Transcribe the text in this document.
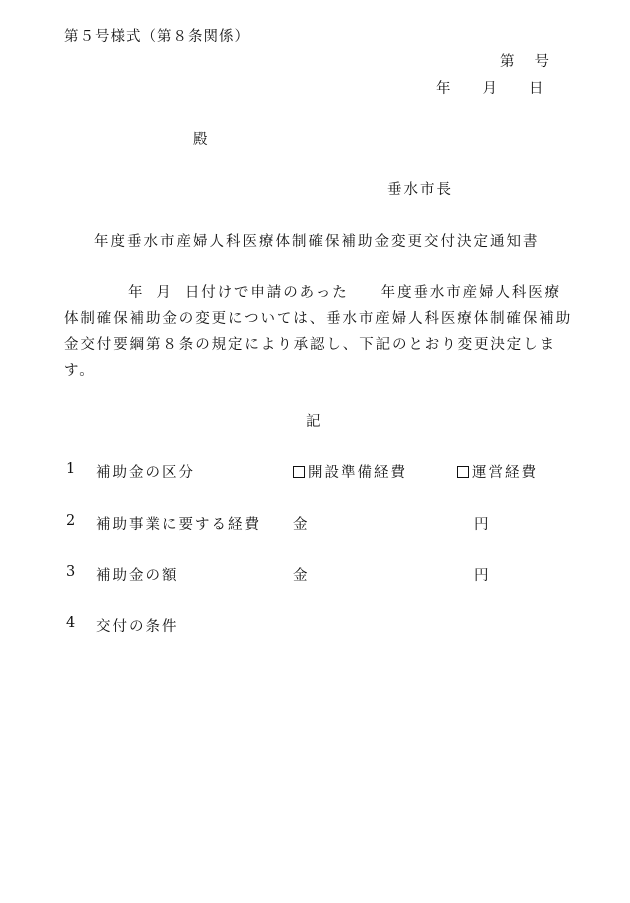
第５号様式（第８条関係）
第 号
年 月 日
殿
垂水市長
年度垂水市産婦人科医療体制確保補助金変更交付決定通知書
年 月 日付けで申請のあった 年度垂水市産婦人科医療体制確保補助金の変更については、垂水市産婦人科医療体制確保補助金交付要綱第８条の規定により承認し、下記のとおり変更決定します。
記
1 補助金の区分	開設準備経費	運営経費
2 補助事業に要する経費 金	円
3 補助金の額	金	円
4 交付の条件
